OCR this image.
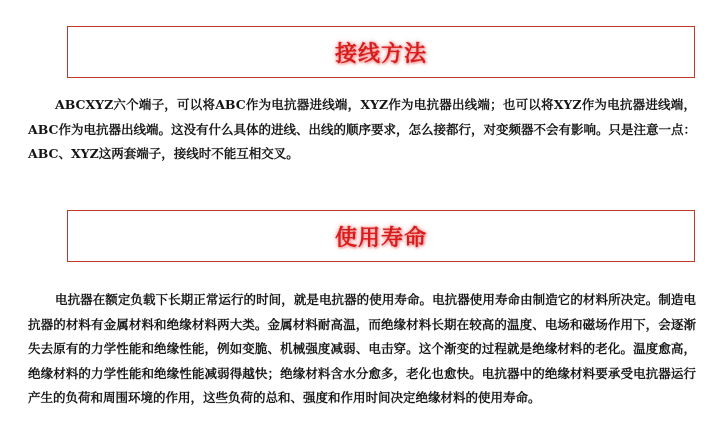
接线方法

ABCXYZ六个端子，可以将ABC作为电抗器进线端，XYZ作为电抗器出线端；也可以将XYZ作为电抗器进线端，ABC作为电抗器出线端。这没有什么具体的进线、出线的顺序要求，怎么接都行，对变频器不会有影响。只是注意一点：ABC、XYZ这两套端子，接线时不能互相交叉。

使用寿命

电抗器在额定负载下长期正常运行的时间，就是电抗器的使用寿命。电抗器使用寿命由制造它的材料所决定。制造电抗器的材料有金属材料和绝缘材料两大类。金属材料耐高温，而绝缘材料长期在较高的温度、电场和磁场作用下，会逐渐失去原有的力学性能和绝缘性能，例如变脆、机械强度减弱、电击穿。这个渐变的过程就是绝缘材料的老化。温度愈高，绝缘材料的力学性能和绝缘性能减弱得越快；绝缘材料含水分愈多，老化也愈快。电抗器中的绝缘材料要承受电抗器运行产生的负荷和周围环境的作用，这些负荷的总和、强度和作用时间决定绝缘材料的使用寿命。
